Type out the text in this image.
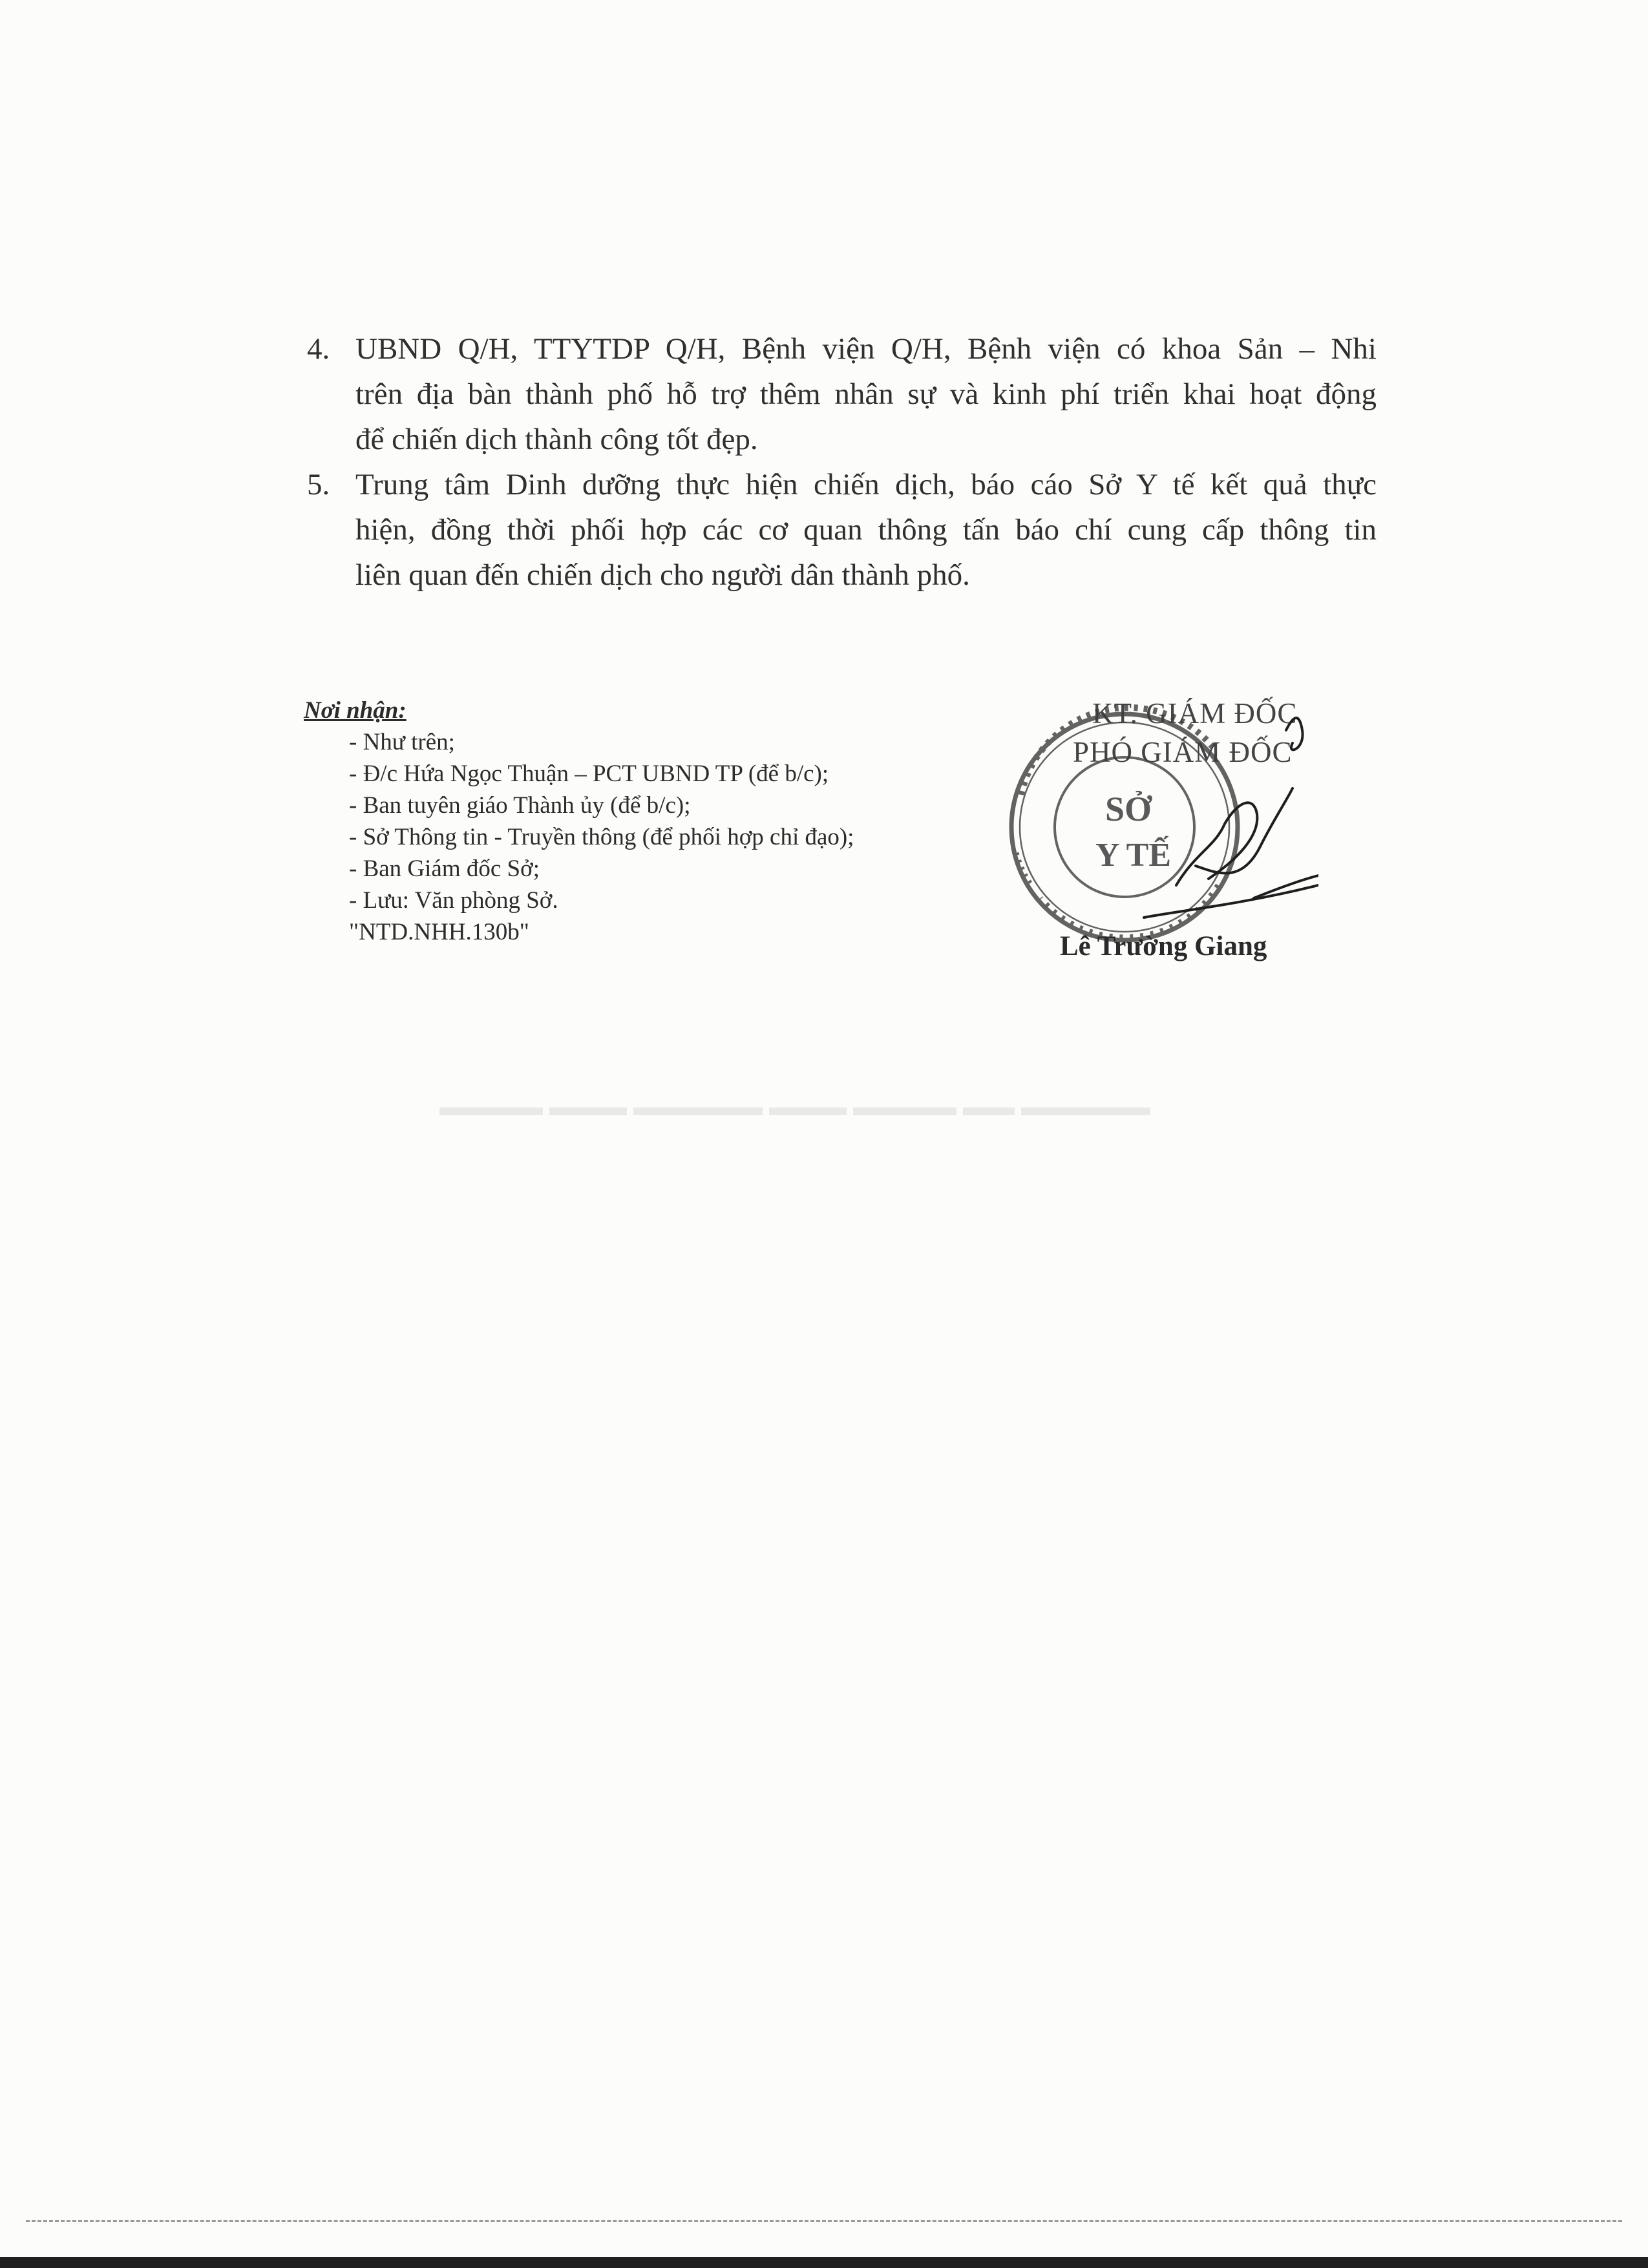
▬▬▬▬ ▬▬▬ ▬▬▬▬▬ ▬▬▬ ▬▬▬▬ ▬▬ ▬▬▬▬▬

4. UBND Q/H, TTYTDP Q/H, Bệnh viện Q/H, Bệnh viện có khoa Sản – Nhi
trên địa bàn thành phố hỗ trợ thêm nhân sự và kinh phí triển khai hoạt động
để chiến dịch thành công tốt đẹp.
5. Trung tâm Dinh dưỡng thực hiện chiến dịch, báo cáo Sở Y tế kết quả thực
hiện, đồng thời phối hợp các cơ quan thông tấn báo chí cung cấp thông tin
liên quan đến chiến dịch cho người dân thành phố.
Nơi nhận:
- Như trên;
- Đ/c Hứa Ngọc Thuận – PCT UBND TP (để b/c);
- Ban tuyên giáo Thành ủy (để b/c);
- Sở Thông tin - Truyền thông (để phối hợp chỉ đạo);
- Ban Giám đốc Sở;
- Lưu: Văn phòng Sở.
"NTD.NHH.130b"
KT. GIÁM ĐỐC
PHÓ GIÁM ĐỐC
SỞ
Y TẾ
Lê Trường Giang
